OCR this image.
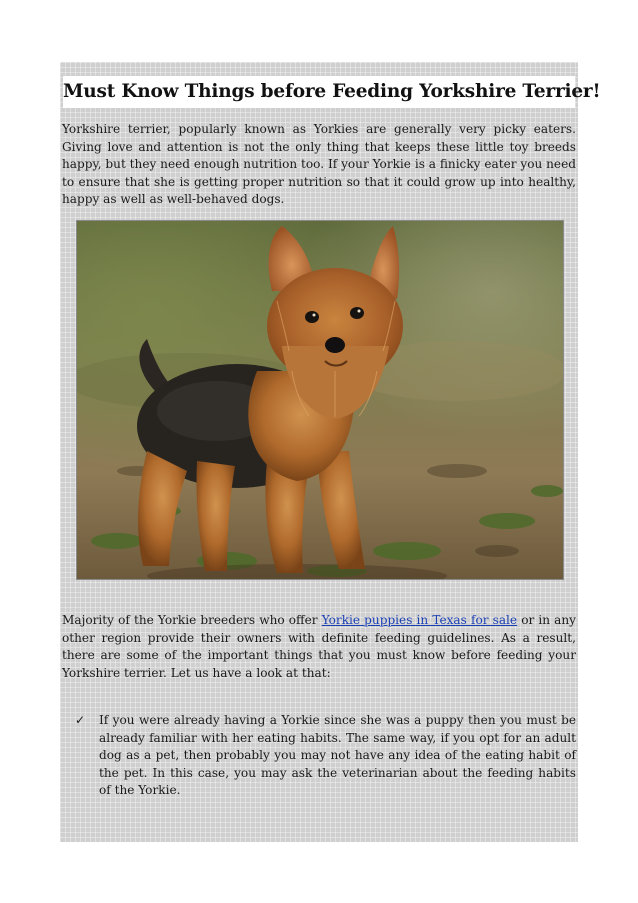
Must Know Things before Feeding Yorkshire Terrier!

Yorkshire terrier, popularly known as Yorkies are generally very picky eaters. Giving love and attention is not the only thing that keeps these little toy breeds happy, but they need enough nutrition too. If your Yorkie is a finicky eater you need to ensure that she is getting proper nutrition so that it could grow up into healthy, happy as well as well-behaved dogs.

Majority of the Yorkie breeders who offer Yorkie puppies in Texas for sale or in any other region provide their owners with definite feeding guidelines. As a result, there are some of the important things that you must know before feeding your Yorkshire terrier. Let us have a look at that:

✓	If you were already having a Yorkie since she was a puppy then you must be already familiar with her eating habits. The same way, if you opt for an adult dog as a pet, then probably you may not have any idea of the eating habit of the pet. In this case, you may ask the veterinarian about the feeding habits of the Yorkie.
